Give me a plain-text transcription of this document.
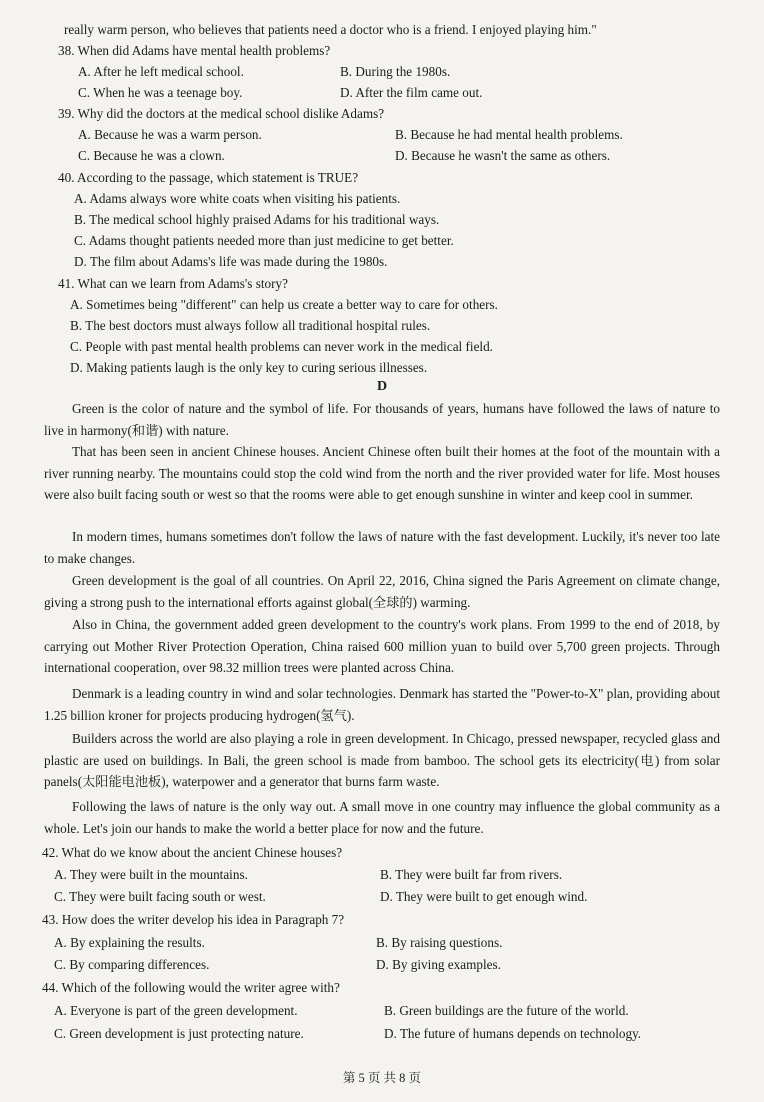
really warm person, who believes that patients need a doctor who is a friend. I enjoyed playing him."
38. When did Adams have mental health problems?
A. After he left medical school.	B. During the 1980s.
C. When he was a teenage boy.	D. After the film came out.
39. Why did the doctors at the medical school dislike Adams?
A. Because he was a warm person.	B. Because he had mental health problems.
C. Because he was a clown.	D. Because he wasn't the same as others.
40. According to the passage, which statement is TRUE?
A. Adams always wore white coats when visiting his patients.
B. The medical school highly praised Adams for his traditional ways.
C. Adams thought patients needed more than just medicine to get better.
D. The film about Adams's life was made during the 1980s.
41. What can we learn from Adams's story?
A. Sometimes being "different" can help us create a better way to care for others.
B. The best doctors must always follow all traditional hospital rules.
C. People with past mental health problems can never work in the medical field.
D. Making patients laugh is the only key to curing serious illnesses.
D
Green is the color of nature and the symbol of life. For thousands of years, humans have followed the laws of nature to live in harmony(和谐) with nature.
That has been seen in ancient Chinese houses. Ancient Chinese often built their homes at the foot of the mountain with a river running nearby. The mountains could stop the cold wind from the north and the river provided water for life. Most houses were also built facing south or west so that the rooms were able to get enough sunshine in winter and keep cool in summer.
In modern times, humans sometimes don't follow the laws of nature with the fast development. Luckily, it's never too late to make changes.
Green development is the goal of all countries. On April 22, 2016, China signed the Paris Agreement on climate change, giving a strong push to the international efforts against global(全球的) warming.
Also in China, the government added green development to the country's work plans. From 1999 to the end of 2018, by carrying out Mother River Protection Operation, China raised 600 million yuan to build over 5,700 green projects. Through international cooperation, over 98.32 million trees were planted across China.
Denmark is a leading country in wind and solar technologies. Denmark has started the "Power-to-X" plan, providing about 1.25 billion kroner for projects producing hydrogen(氢气).
Builders across the world are also playing a role in green development. In Chicago, pressed newspaper, recycled glass and plastic are used on buildings. In Bali, the green school is made from bamboo. The school gets its electricity(电) from solar panels(太阳能电池板), waterpower and a generator that burns farm waste.
Following the laws of nature is the only way out. A small move in one country may influence the global community as a whole. Let's join our hands to make the world a better place for now and the future.
42. What do we know about the ancient Chinese houses?
A. They were built in the mountains.	B. They were built far from rivers.
C. They were built facing south or west.	D. They were built to get enough wind.
43. How does the writer develop his idea in Paragraph 7?
A. By explaining the results.	B. By raising questions.
C. By comparing differences.	D. By giving examples.
44. Which of the following would the writer agree with?
A. Everyone is part of the green development.	B. Green buildings are the future of the world.
C. Green development is just protecting nature.	D. The future of humans depends on technology.
第 5 页 共 8 页
